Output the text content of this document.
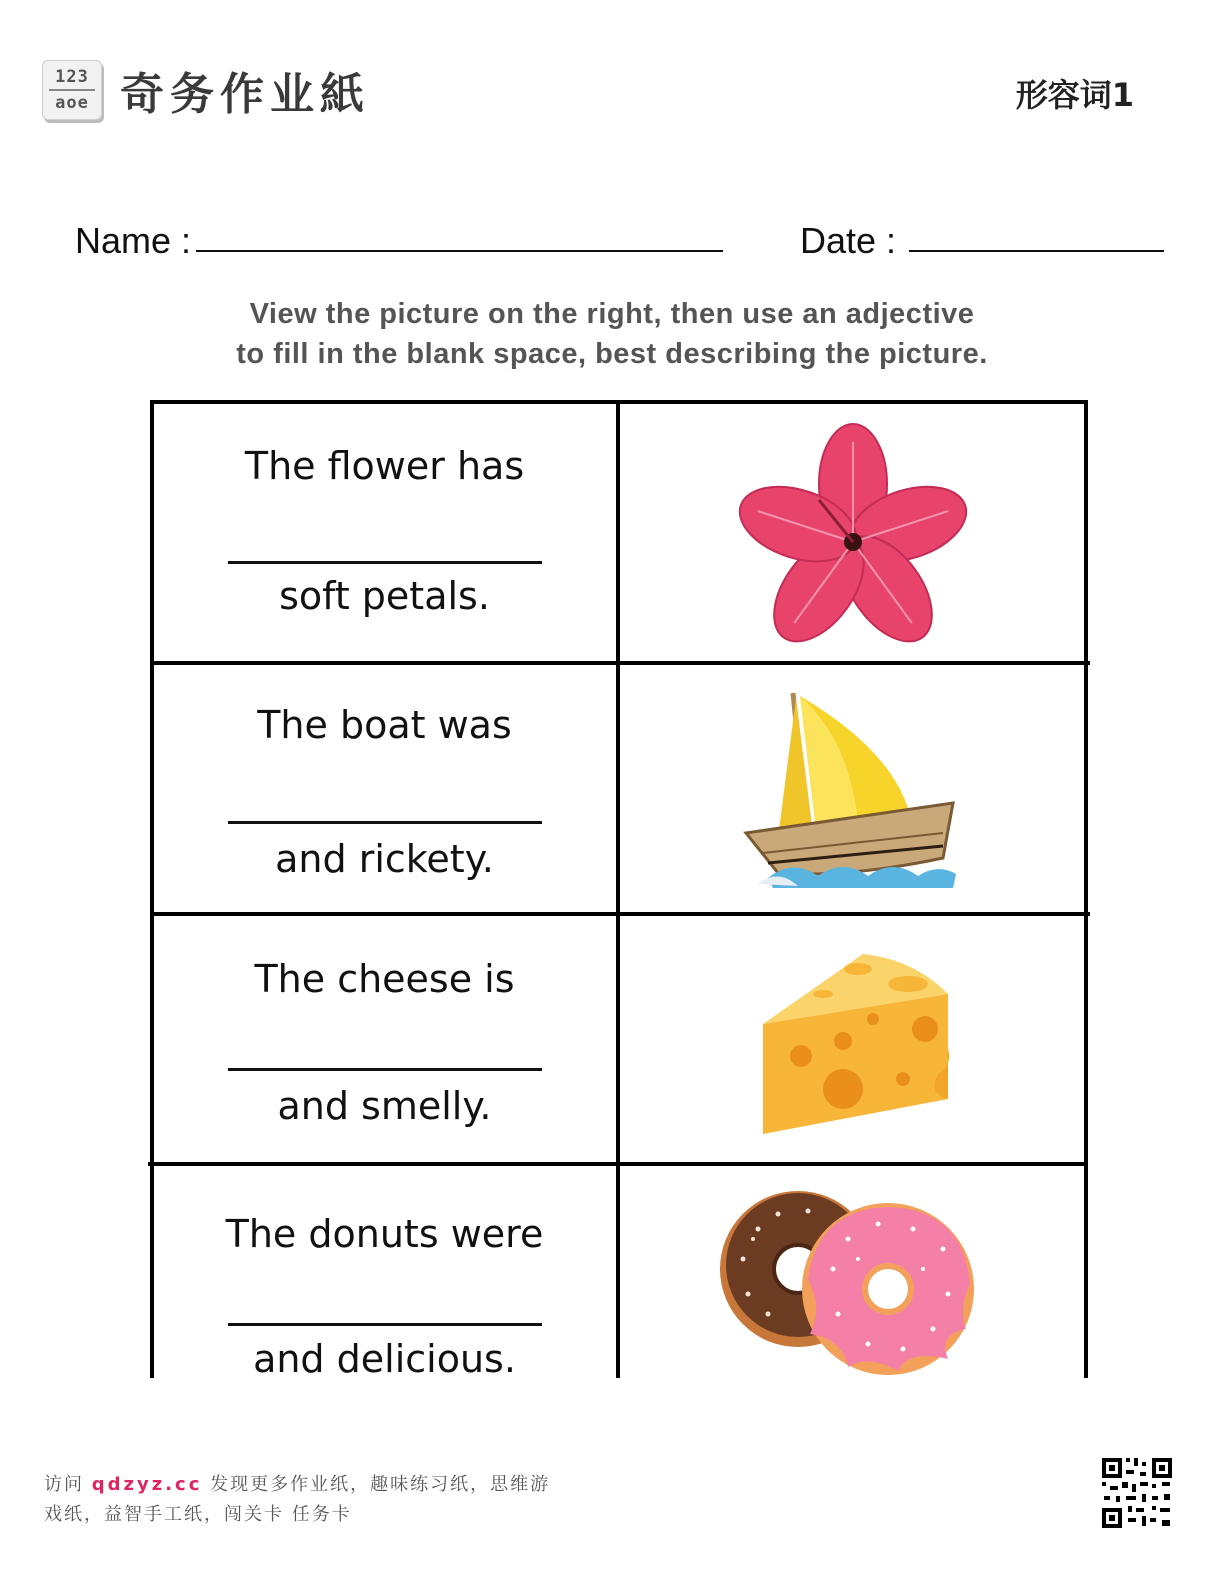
123
aoe 奇务作业紙	形容词1
Name :	Date :
View the picture on the right, then use an adjective
to fill in the blank space, best describing the picture.
The flower has
soft petals.
The boat was
and rickety.
The cheese is
and smelly.
The donuts were
and delicious.
访问 qdzyz.cc 发现更多作业纸，趣味练习纸，思维游
戏纸，益智手工纸，闯关卡 任务卡
